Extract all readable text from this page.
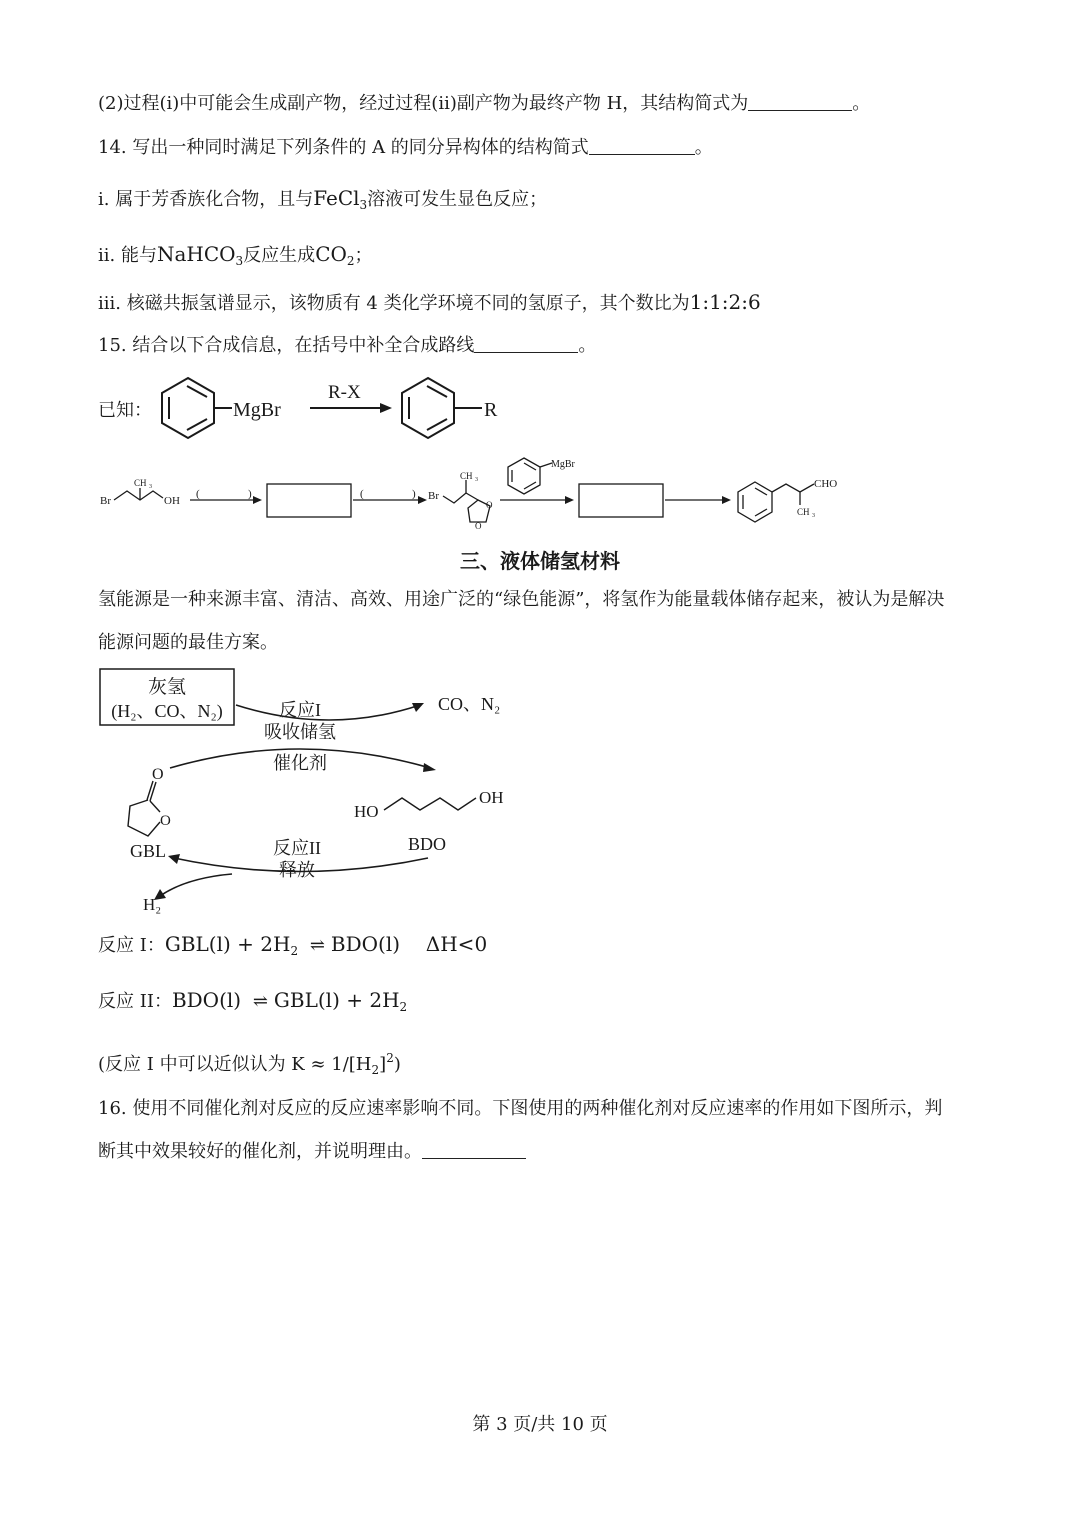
(2)过程(i)中可能会生成副产物，经过过程(ii)副产物为最终产物 H，其结构简式为	。
14. 写出一种同时满足下列条件的 A 的同分异构体的结构简式	。
i. 属于芳香族化合物，且与FeCl$_3$溶液可发生显色反应；
ii. 能与NaHCO$_3$反应生成$CO_2$；
iii. 核磁共振氢谱显示，该物质有 4 类化学环境不同的氢原子，其个数比为1:1:2:6
15. 结合以下合成信息，在括号中补全合成路线	。
已知：	MgBr
R-X
R
Br
CH 3
OH
(	)	(	) Br
CH 3
O
O
MgBr
CHO
CH 3
三、液体储氢材料
氢能源是一种来源丰富、清洁、高效、用途广泛的“绿色能源”，将氢作为能量载体储存起来，被认为是解决
能源问题的最佳方案。
灰氢
(H₂、CO、N₂)	CO、N₂
反应I
吸收储氢
催化剂
O
O
GBL
HO
OH
BDO
反应II
释放
H₂
反应 I：$GBL(l) + 2H_2$ ⇌ BDO(l) ΔH<0
反应 II：BDO(l) ⇌ $GBL(l) + 2H_2$
(反应 I 中可以近似认为 $K \approx 1/[H_2]^2$)
16. 使用不同催化剂对反应的反应速率影响不同。下图使用的两种催化剂对反应速率的作用如下图所示，判
断其中效果较好的催化剂，并说明理由。
第 3 页/共 10 页
